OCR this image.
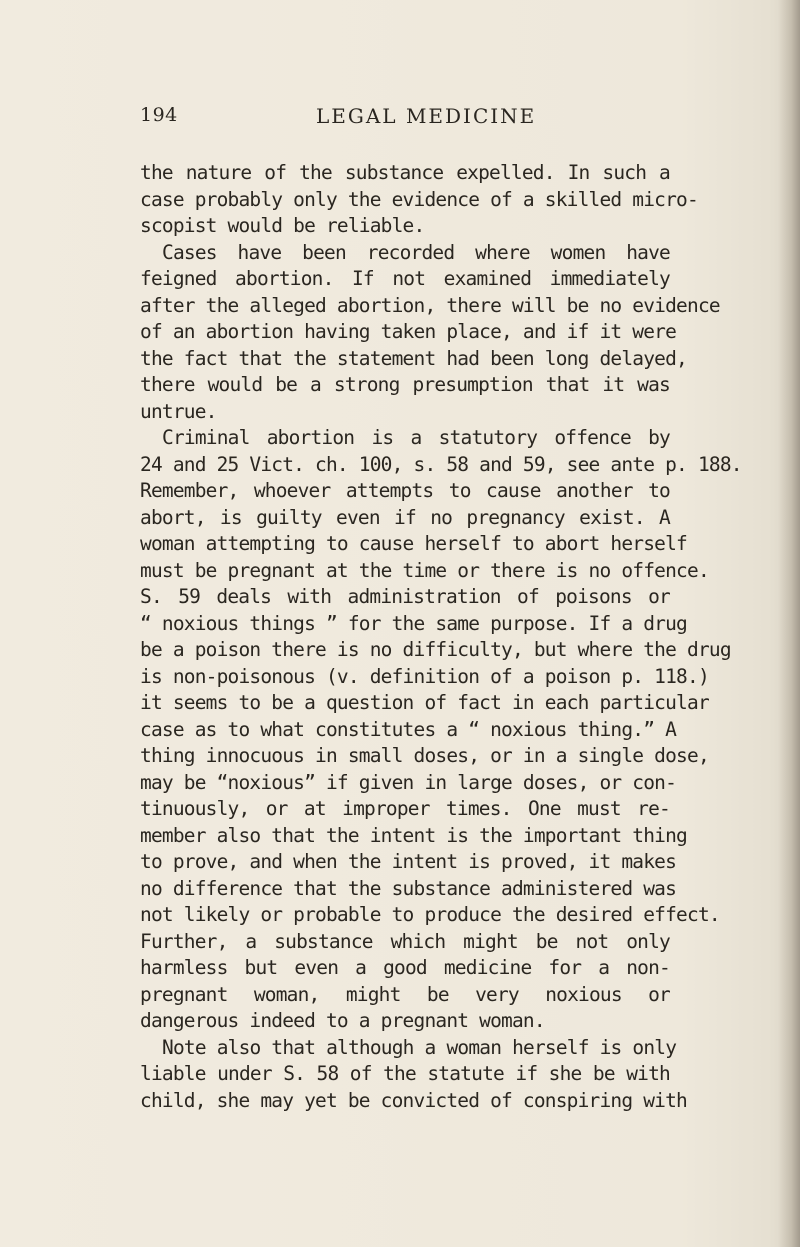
194	LEGAL MEDICINE
the nature of the substance expelled. In such a
case probably only the evidence of a skilled micro-
scopist would be reliable.
Cases have been recorded where women have
feigned abortion. If not examined immediately
after the alleged abortion, there will be no evidence
of an abortion having taken place, and if it were
the fact that the statement had been long delayed,
there would be a strong presumption that it was
untrue.
Criminal abortion is a statutory offence by
24 and 25 Vict. ch. 100, s. 58 and 59, see ante p. 188.
Remember, whoever attempts to cause another to
abort, is guilty even if no pregnancy exist. A
woman attempting to cause herself to abort herself
must be pregnant at the time or there is no offence.
S. 59 deals with administration of poisons or
“ noxious things ” for the same purpose. If a drug
be a poison there is no difficulty, but where the drug
is non-poisonous (v. definition of a poison p. 118.)
it seems to be a question of fact in each particular
case as to what constitutes a “ noxious thing.” A
thing innocuous in small doses, or in a single dose,
may be “noxious” if given in large doses, or con-
tinuously, or at improper times. One must re-
member also that the intent is the important thing
to prove, and when the intent is proved, it makes
no difference that the substance administered was
not likely or probable to produce the desired effect.
Further, a substance which might be not only
harmless but even a good medicine for a non-
pregnant woman, might be very noxious or
dangerous indeed to a pregnant woman.
Note also that although a woman herself is only
liable under S. 58 of the statute if she be with
child, she may yet be convicted of conspiring with
